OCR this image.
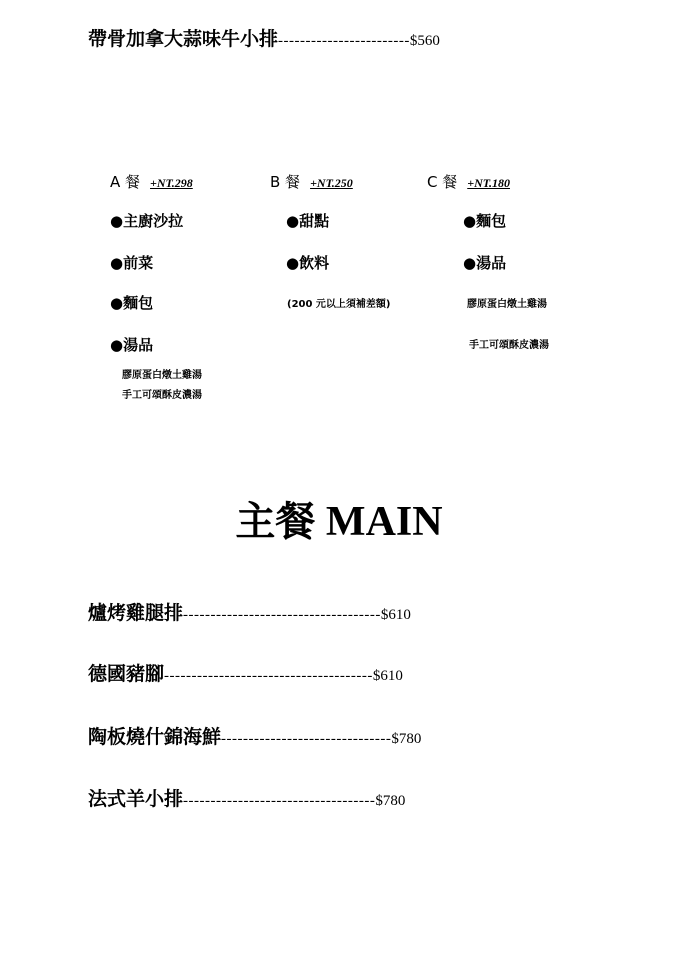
帶骨加拿大蒜味牛小排------------------------$560
A 餐 +NT.298
●主廚沙拉
●前菜
●麵包
●湯品
膠原蛋白燉土雞湯
手工可頌酥皮濃湯
B 餐 +NT.250
●甜點
●飲料
(200 元以上須補差額)
C 餐 +NT.180
●麵包
●湯品
膠原蛋白燉土雞湯
手工可頌酥皮濃湯
主餐 MAIN
爐烤雞腿排------------------------------------$610
德國豬腳--------------------------------------$610
陶板燒什錦海鮮-------------------------------$780
法式羊小排-----------------------------------$780
